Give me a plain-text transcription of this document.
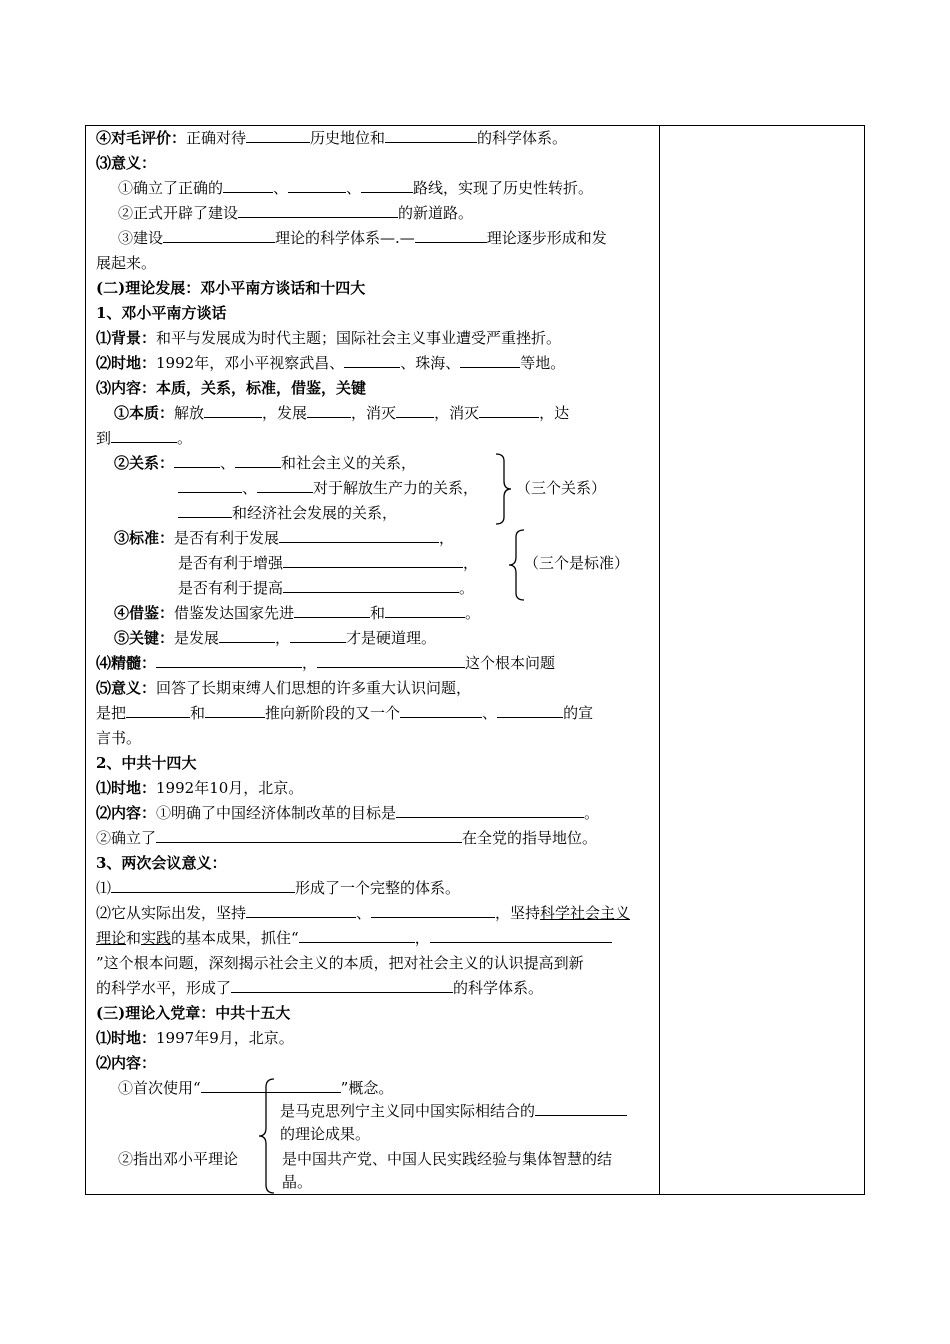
④对毛评价：正确对待	历史地位和	的科学体系。
⑶意义：
①确立了正确的	、	、	路线，实现了历史性转折。
②正式开辟了建设	的新道路。
③建设	理论的科学体系—.—	理论逐步形成和发
展起来。
(二)理论发展：邓小平南方谈话和十四大
1、邓小平南方谈话
⑴背景：和平与发展成为时代主题；国际社会主义事业遭受严重挫折。
⑵时地：1992年，邓小平视察武昌、	、珠海、	等地。
⑶内容：本质，关系，标准，借鉴，关键
①本质：解放	，发展	，消灭	，消灭	，达
到	。
②关系：	、	和社会主义的关系，
、	对于解放生产力的关系，
和经济社会发展的关系，
（三个关系）
③标准：是否有利于发展	，
是否有利于增强	，
是否有利于提高	。
（三个是标准）
④借鉴：借鉴发达国家先进	和	。
⑤关键：是发展	，	才是硬道理。
⑷精髓：	，	这个根本问题
⑸意义：回答了长期束缚人们思想的许多重大认识问题，
是把	和	推向新阶段的又一个	、	的宣
言书。
2、中共十四大
⑴时地：1992年10月，北京。
⑵内容：①明确了中国经济体制改革的目标是	。
②确立了	在全党的指导地位。
3、两次会议意义：
⑴	形成了一个完整的体系。
⑵它从实际出发，坚持	、	，坚持科学社会主义
理论和实践的基本成果，抓住“	，
”这个根本问题，深刻揭示社会主义的本质，把对社会主义的认识提高到新
的科学水平，形成了	的科学体系。
(三)理论入党章：中共十五大
⑴时地：1997年9月，北京。
⑵内容：
①首次使用“	”概念。
是马克思列宁主义同中国实际相结合的
的理论成果。
②指出邓小平理论	是中国共产党、中国人民实践经验与集体智慧的结
晶。
